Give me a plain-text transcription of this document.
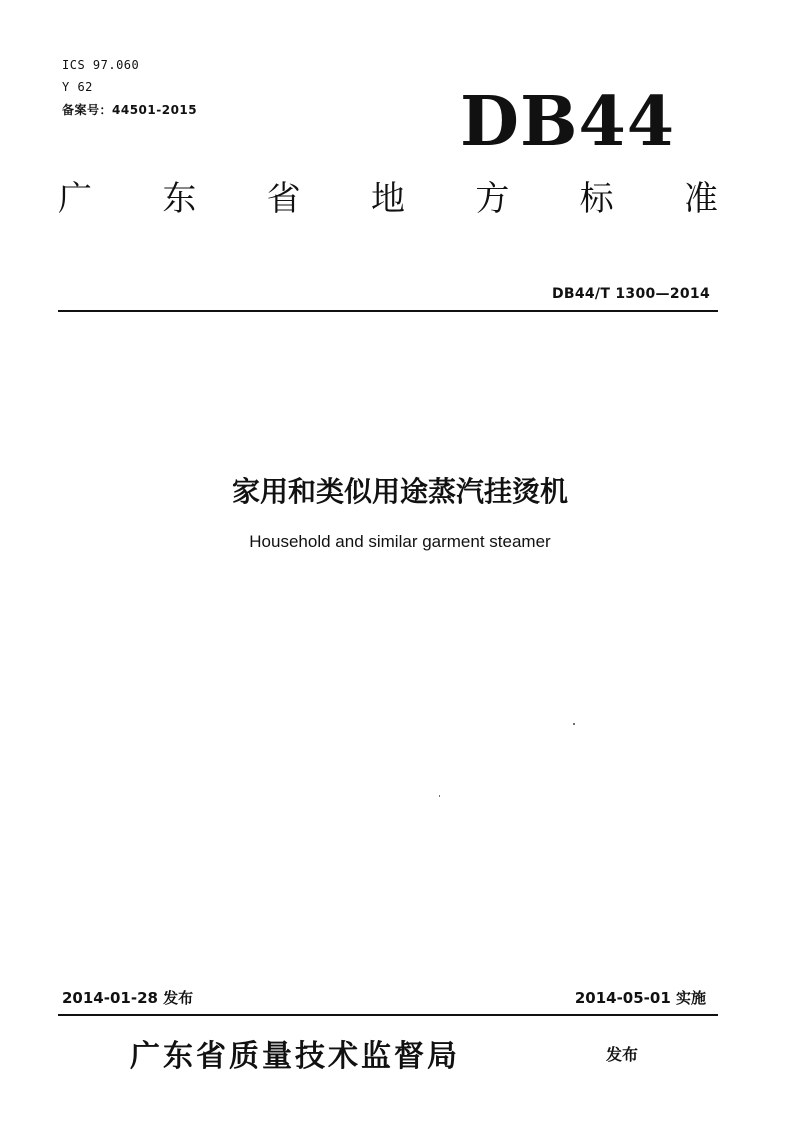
ICS 97.060
Y 62
备案号：44501-2015	DB44
广 东 省 地 方 标 准
DB44/T 1300—2014
家用和类似用途蒸汽挂烫机
Household and similar garment steamer
2014-01-28 发布	2014-05-01 实施
广东省质量技术监督局	发布
